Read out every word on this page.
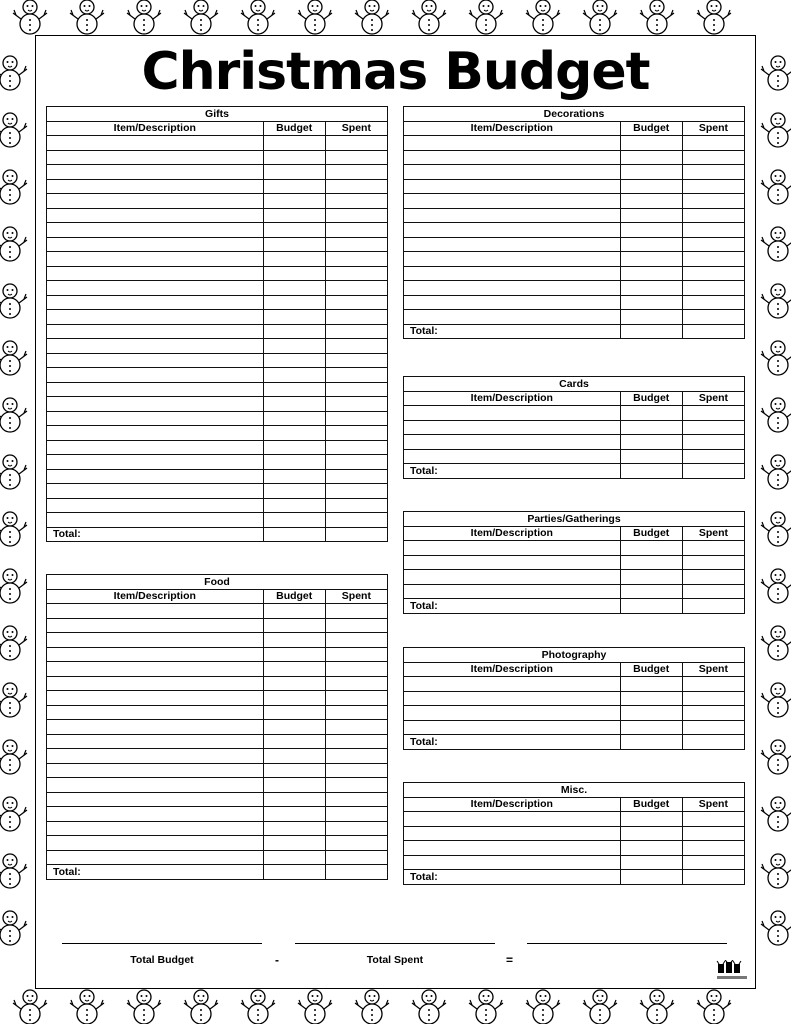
Christmas Budget
Gifts		
Item/Description	Budget	Spent

Total:		
Food		
Item/Description	Budget	Spent

Total:		
Decorations		
Item/Description	Budget	Spent

Total:		
Cards		
Item/Description	Budget	Spent

Total:		
Parties/Gatherings		
Item/Description	Budget	Spent

Total:		
Photography		
Item/Description	Budget	Spent

Total:		
Misc.		
Item/Description	Budget	Spent

Total:		
Total Budget	-	Total Spent	=
